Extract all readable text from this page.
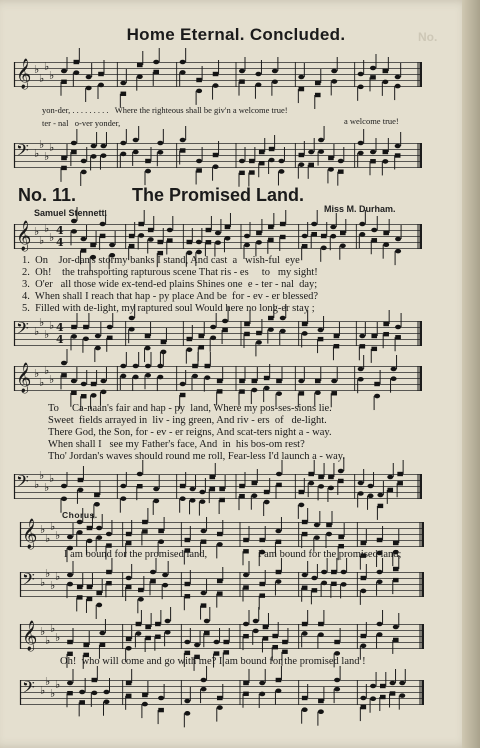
Home Eternal. Concluded.	No.
𝄞 ♭
♭
♭
♭
yon-der, . . . . . . . . .   Where the righteous shall be giv'n a welcome true!
ter - nal   o-ver yonder,	a welcome true!
𝄢 ♭
♭
♭
♭
No. 11.	The Promised Land.
Samuel Stennett.	Miss M. Durham.
𝄞 ♭
♭
♭
♭
4
4
1.  On    Jor-dan's stormy banks I stand, And cast  a   wish-ful  eye
2.  Oh!    the transporting rapturous scene That ris - es     to   my sight!
3.  O'er   all those wide ex-tend-ed plains Shines one  e - ter - nal  day;
4.  When shall I reach that hap - py place And be  for - ev - er blessed?
5.  Filled with de-light, my raptured soul Would here no long-er stay ;
𝄢 ♭
♭
♭
♭ 4
4
𝄞 ♭
♭
♭
♭
To     Ca-naan's fair and hap - py  land, Where my pos-ses-sions lie.
Sweet  fields arrayed in  liv - ing green, And riv - ers  of   de-light.
There God, the Son, for - ev - er reigns, And scat-ters night a - way.
When shall I   see my Father's face, And  in  his bos-om rest?
Tho' Jordan's waves should round me roll, Fear-less I'd launch a - way.
𝄢 ♭
♭
♭
♭
Chorus.
𝄞 ♭
♭
♭
♭
I am bound for the promised land,	I am bound for the promised land;
𝄢 ♭
♭
♭
♭
𝄞 ♭
♭
♭
♭
Oh!  who will come and go with me? I am bound for the promised land !
𝄢 ♭
♭
♭
♭
